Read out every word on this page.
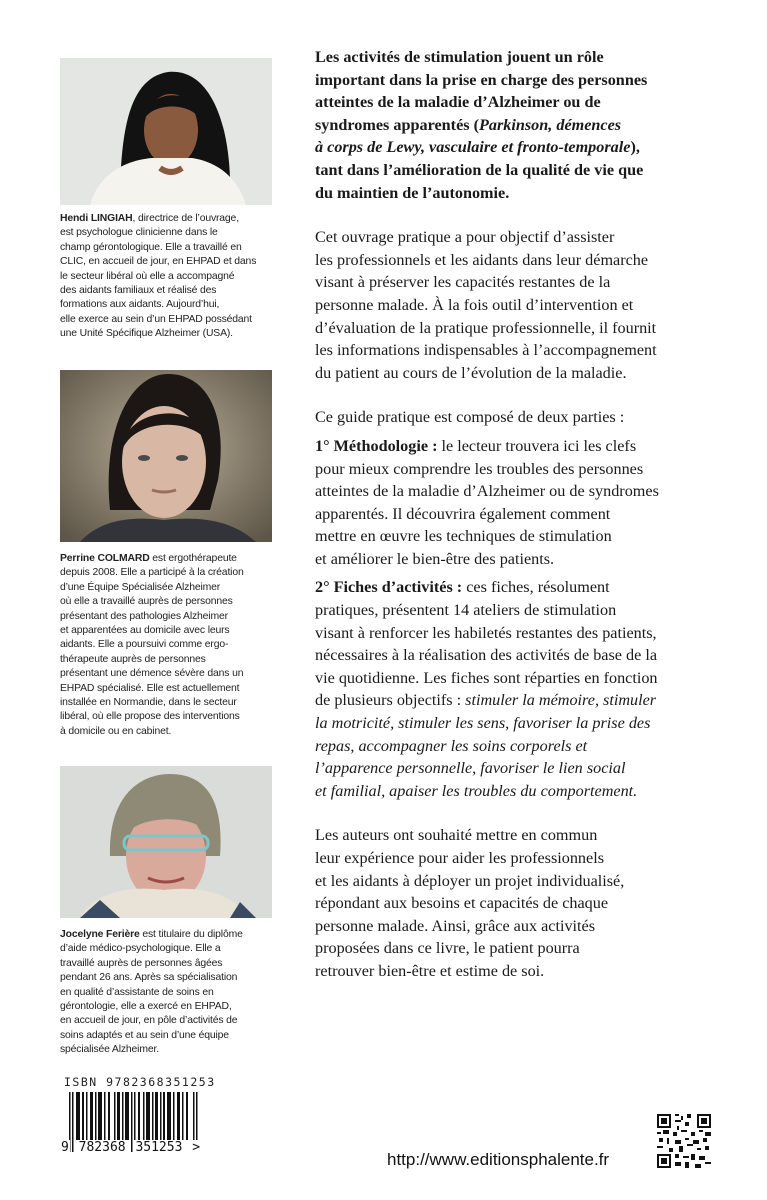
Hendi LINGIAH, directrice de l’ouvrage,
est psychologue clinicienne dans le
champ gérontologique. Elle a travaillé en
CLIC, en accueil de jour, en EHPAD et dans
le secteur libéral où elle a accompagné
des aidants familiaux et réalisé des
formations aux aidants. Aujourd’hui,
elle exerce au sein d’un EHPAD possédant
une Unité Spécifique Alzheimer (USA).
Perrine COLMARD est ergothérapeute
depuis 2008. Elle a participé à la création
d’une Équipe Spécialisée Alzheimer
où elle a travaillé auprès de personnes
présentant des pathologies Alzheimer
et apparentées au domicile avec leurs
aidants. Elle a poursuivi comme ergo-
thérapeute auprès de personnes
présentant une démence sévère dans un
EHPAD spécialisé. Elle est actuellement
installée en Normandie, dans le secteur
libéral, où elle propose des interventions
à domicile ou en cabinet.
Jocelyne Ferière est titulaire du diplôme
d’aide médico-psychologique. Elle a
travaillé auprès de personnes âgées
pendant 26 ans. Après sa spécialisation
en qualité d’assistante de soins en
gérontologie, elle a exercé en EHPAD,
en accueil de jour, en pôle d’activités de
soins adaptés et au sein d’une équipe
spécialisée Alzheimer.
ISBN 9782368351253
9 782368 351253 >

Les activités de stimulation jouent un rôle
important dans la prise en charge des personnes
atteintes de la maladie d’Alzheimer ou de
syndromes apparentés (Parkinson, démences
à corps de Lewy, vasculaire et fronto-temporale),
tant dans l’amélioration de la qualité de vie que
du maintien de l’autonomie.

Cet ouvrage pratique a pour objectif d’assister
les professionnels et les aidants dans leur démarche
visant à préserver les capacités restantes de la
personne malade. À la fois outil d’intervention et
d’évaluation de la pratique professionnelle, il fournit
les informations indispensables à l’accompagnement
du patient au cours de l’évolution de la maladie.

Ce guide pratique est composé de deux parties :

1° Méthodologie : le lecteur trouvera ici les clefs
pour mieux comprendre les troubles des personnes
atteintes de la maladie d’Alzheimer ou de syndromes
apparentés. Il découvrira également comment
mettre en œuvre les techniques de stimulation
et améliorer le bien-être des patients.

2° Fiches d’activités : ces fiches, résolument
pratiques, présentent 14 ateliers de stimulation
visant à renforcer les habiletés restantes des patients,
nécessaires à la réalisation des activités de base de la
vie quotidienne. Les fiches sont réparties en fonction
de plusieurs objectifs : stimuler la mémoire, stimuler
la motricité, stimuler les sens, favoriser la prise des
repas, accompagner les soins corporels et
l’apparence personnelle, favoriser le lien social
et familial, apaiser les troubles du comportement.

Les auteurs ont souhaité mettre en commun
leur expérience pour aider les professionnels
et les aidants à déployer un projet individualisé,
répondant aux besoins et capacités de chaque
personne malade. Ainsi, grâce aux activités
proposées dans ce livre, le patient pourra
retrouver bien-être et estime de soi.

http://www.editionsphalente.fr
